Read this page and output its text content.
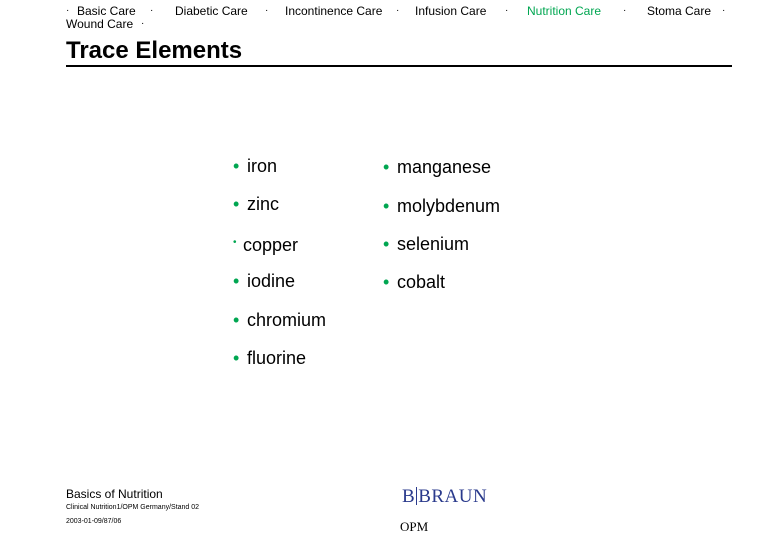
· Basic Care · Diabetic Care · Incontinence Care · Infusion Care · Nutrition Care · Stoma Care ·
Wound Care ·
Trace Elements
• iron
• zinc
• copper
• iodine
• chromium
• fluorine
• manganese
• molybdenum
• selenium
• cobalt
Basics of Nutrition
Clinical Nutrition1/OPM Germany/Stand 02
2003-01-09/87/06
B BRAUN
OPM
